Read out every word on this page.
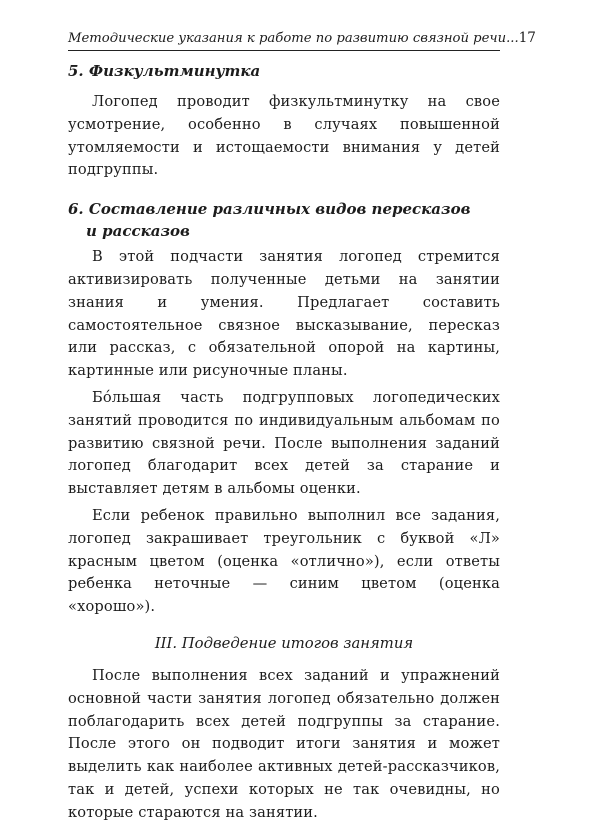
Методические указания к работе по развитию связной речи... 17
5. Физкультминутка

Логопед проводит физкультминутку на свое усмотрение, особенно в случаях повышенной утомляемости и истощаемости внимания у детей подгруппы.

6. Составление различных видов пересказов
и рассказов

В этой подчасти занятия логопед стремится активизировать полученные детьми на занятии знания и умения. Предлагает составить самостоятельное связное высказывание, пересказ или рассказ, с обязательной опорой на картины, картинные или рисуночные планы.

Бóльшая часть подгрупповых логопедических занятий проводится по индивидуальным альбомам по развитию связной речи. После выполнения заданий логопед благодарит всех детей за старание и выставляет детям в альбомы оценки.

Если ребенок правильно выполнил все задания, логопед закрашивает треугольник с буквой «Л» красным цветом (оценка «отлично»), если ответы ребенка неточные — синим цветом (оценка «хорошо»).

III. Подведение итогов занятия

После выполнения всех заданий и упражнений основной части занятия логопед обязательно должен поблагодарить всех детей подгруппы за старание. После этого он подводит итоги занятия и может выделить как наиболее активных детей-рассказчиков, так и детей, успехи которых не так очевидны, но которые стараются на занятии.
